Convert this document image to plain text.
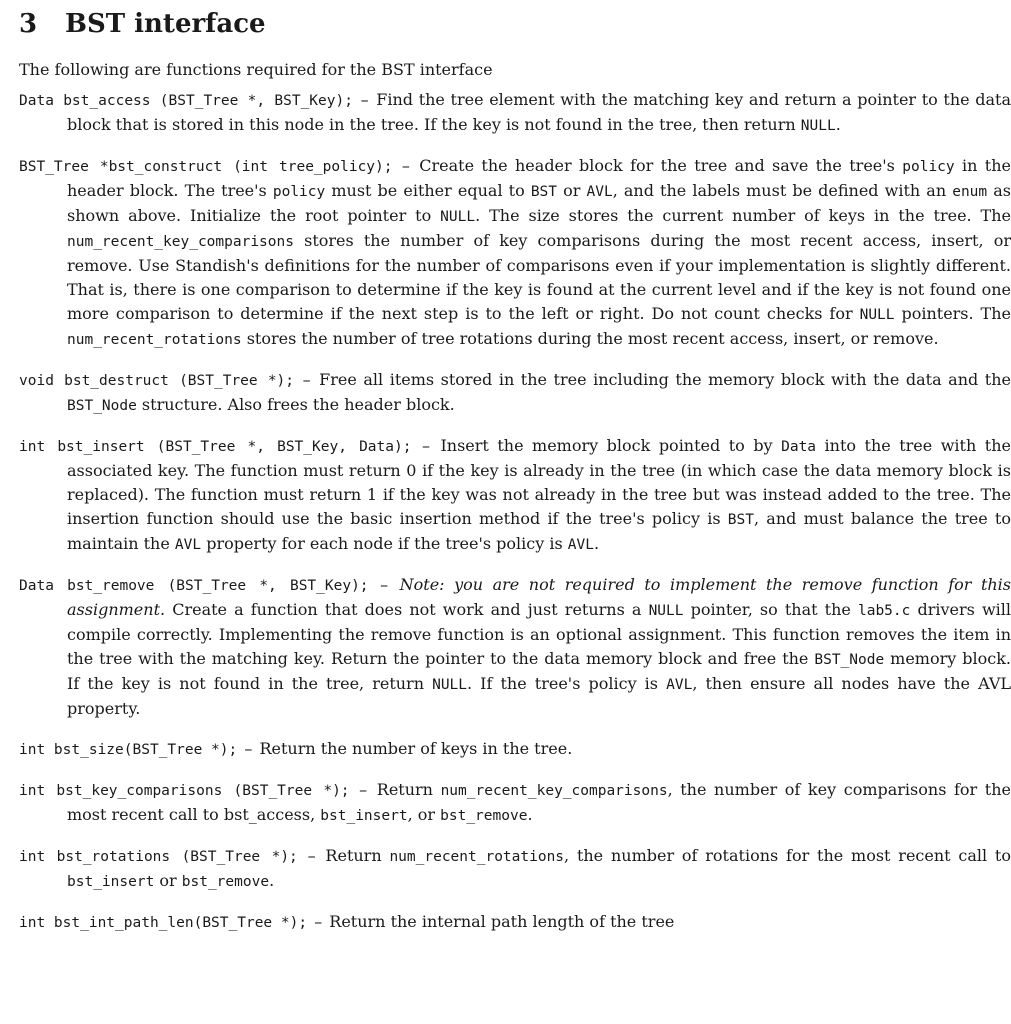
3 BST interface

The following are functions required for the BST interface

Data bst_access (BST_Tree *, BST_Key); – Find the tree element with the matching key and return a pointer to the data block that is stored in this node in the tree. If the key is not found in the tree, then return NULL.

BST_Tree *bst_construct (int tree_policy); – Create the header block for the tree and save the tree's policy in the header block. The tree's policy must be either equal to BST or AVL, and the labels must be defined with an enum as shown above. Initialize the root pointer to NULL. The size stores the current number of keys in the tree. The num_recent_key_comparisons stores the number of key comparisons during the most recent access, insert, or remove. Use Standish's definitions for the number of comparisons even if your implementation is slightly different. That is, there is one comparison to determine if the key is found at the current level and if the key is not found one more comparison to determine if the next step is to the left or right. Do not count checks for NULL pointers. The num_recent_rotations stores the number of tree rotations during the most recent access, insert, or remove.

void bst_destruct (BST_Tree *); – Free all items stored in the tree including the memory block with the data and the BST_Node structure. Also frees the header block.

int bst_insert (BST_Tree *, BST_Key, Data); – Insert the memory block pointed to by Data into the tree with the associated key. The function must return 0 if the key is already in the tree (in which case the data memory block is replaced). The function must return 1 if the key was not already in the tree but was instead added to the tree. The insertion function should use the basic insertion method if the tree's policy is BST, and must balance the tree to maintain the AVL property for each node if the tree's policy is AVL.

Data bst_remove (BST_Tree *, BST_Key); – Note: you are not required to implement the remove function for this assignment. Create a function that does not work and just returns a NULL pointer, so that the lab5.c drivers will compile correctly. Implementing the remove function is an optional assignment. This function removes the item in the tree with the matching key. Return the pointer to the data memory block and free the BST_Node memory block. If the key is not found in the tree, return NULL. If the tree's policy is AVL, then ensure all nodes have the AVL property.

int bst_size(BST_Tree *); – Return the number of keys in the tree.

int bst_key_comparisons (BST_Tree *); – Return num_recent_key_comparisons, the number of key comparisons for the most recent call to bst_access, bst_insert, or bst_remove.

int bst_rotations (BST_Tree *); – Return num_recent_rotations, the number of rotations for the most recent call to bst_insert or bst_remove.

int bst_int_path_len(BST_Tree *); – Return the internal path length of the tree
